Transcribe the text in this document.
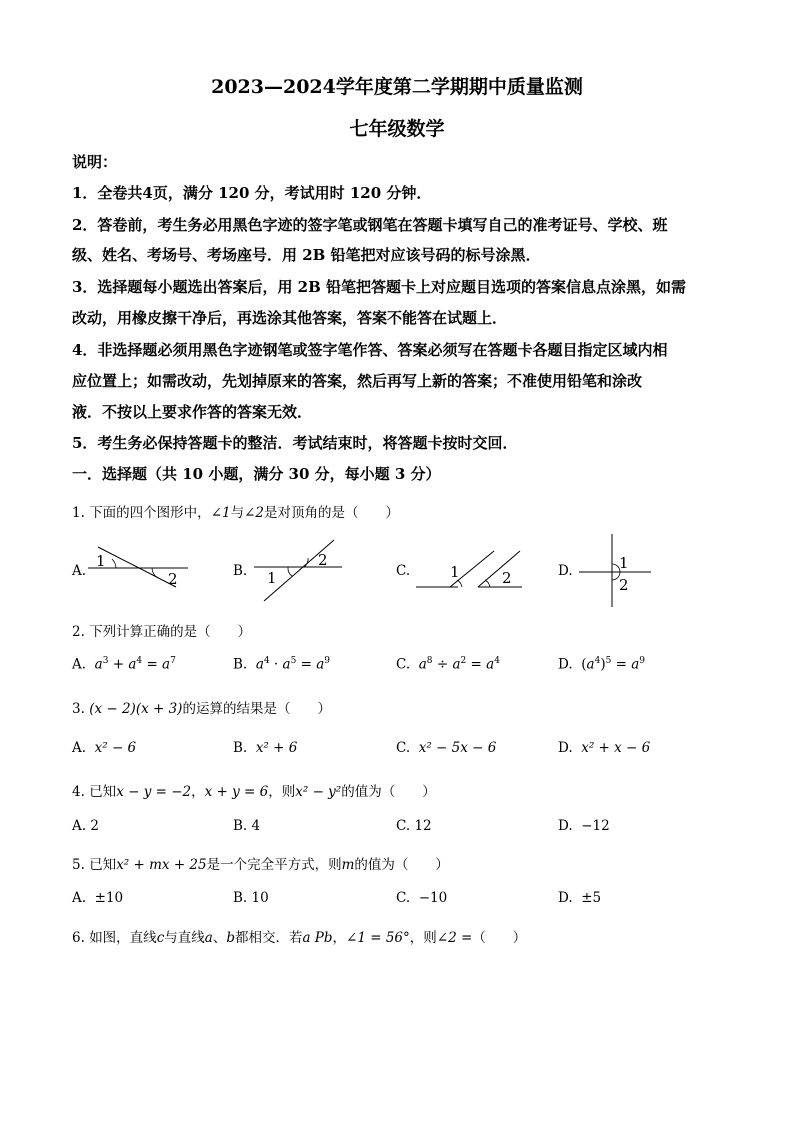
2023—2024学年度第二学期期中质量监测
七年级数学
说明：
1．全卷共4页，满分 120 分，考试用时 120 分钟．
2．答卷前，考生务必用黑色字迹的签字笔或钢笔在答题卡填写自己的准考证号、学校、班
级、姓名、考场号、考场座号．用 2B 铅笔把对应该号码的标号涂黑．
3．选择题每小题选出答案后，用 2B 铅笔把答题卡上对应题目选项的答案信息点涂黑，如需
改动，用橡皮擦干净后，再选涂其他答案，答案不能答在试题上．
4．非选择题必须用黑色字迹钢笔或签字笔作答、答案必须写在答题卡各题目指定区域内相
应位置上；如需改动，先划掉原来的答案，然后再写上新的答案；不准使用铅笔和涂改
液．不按以上要求作答的答案无效．
5．考生务必保持答题卡的整洁．考试结束时，将答题卡按时交回．
一．选择题（共 10 小题，满分 30 分，每小题 3 分）
1. 下面的四个图形中，∠1与∠2是对顶角的是（　　）
A.
1
2	B. 1
2
C.	1	2	D.	1
2
2. 下列计算正确的是（　　）
A. $a^3 + a^4 = a^7$	B. $a^4 \cdot a^5 = a^9$	C. $a^8 \div a^2 = a^4$	D. $(a^4)^5 = a^9$
3. (x − 2)(x + 3)的运算的结果是（　　）
A. x² − 6	B. x² + 6	C. x² − 5x − 6	D. x² + x − 6
4. 已知x − y = −2，x + y = 6，则x² − y²的值为（　　）
A. 2	B. 4	C. 12	D. −12
5. 已知x² + mx + 25是一个完全平方式，则m的值为（　　）
A. ±10	B. 10	C. −10	D. ±5
6. 如图，直线c与直线a、b都相交．若a Pb，∠1 = 56°，则∠2 =（　　）
